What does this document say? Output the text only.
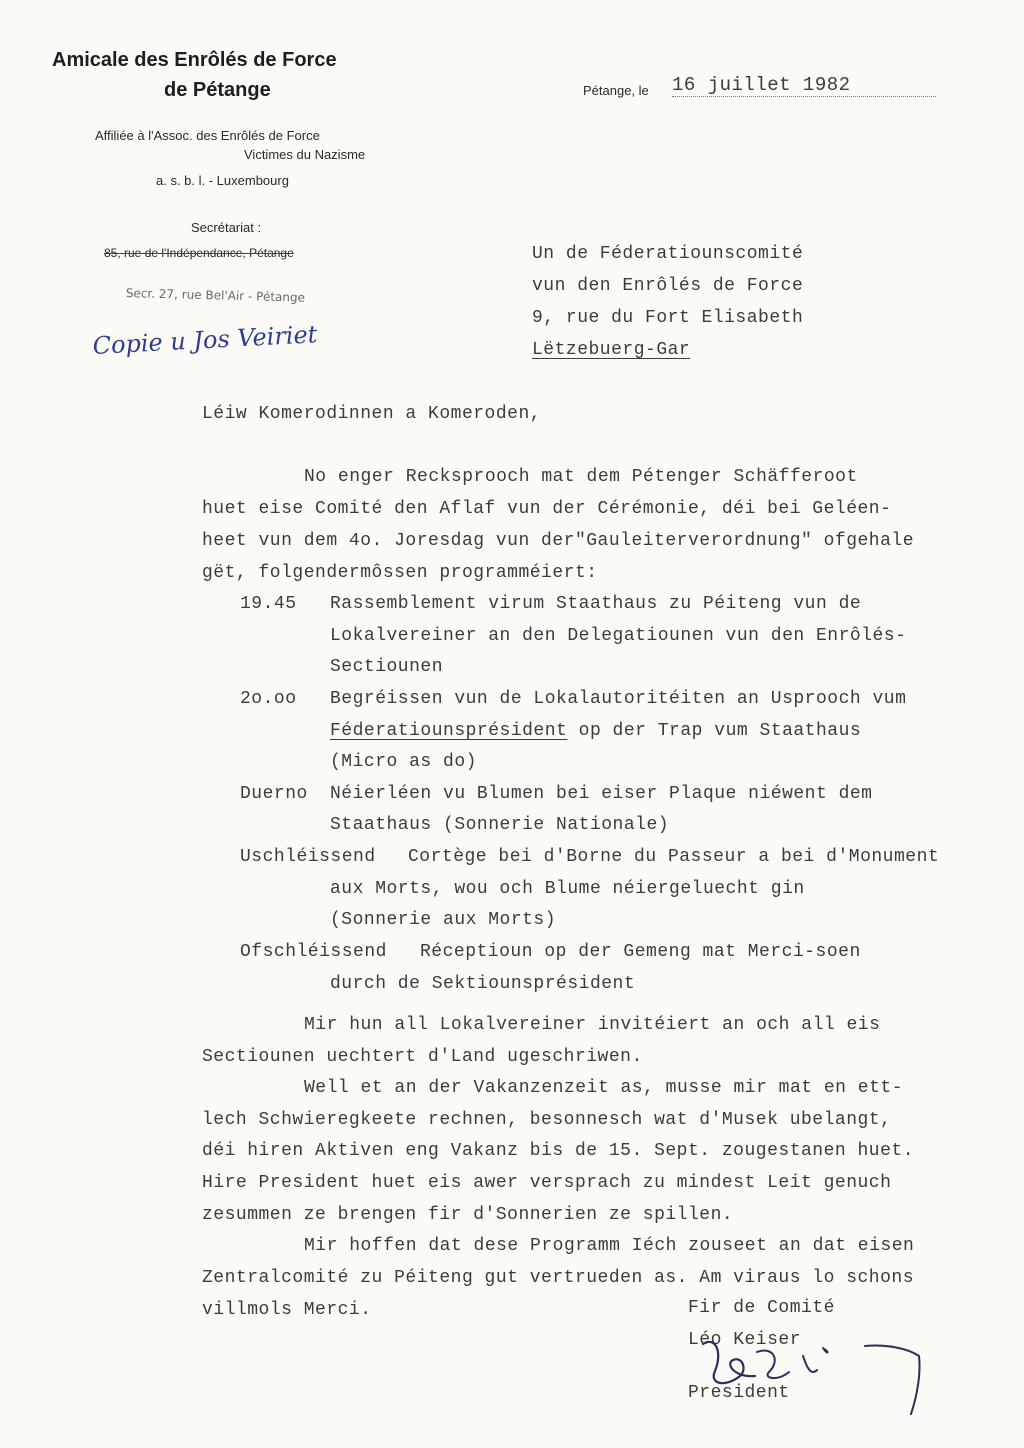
Amicale des Enrôlés de Force
de Pétange
Affiliée à l'Assoc. des Enrôlés de Force
Victimes du Nazisme
a. s. b. l. - Luxembourg
Secrétariat :
85, rue de l'Indépendance, Pétange
Secr. 27, rue Bel'Air - Pétange
Copie u Jos Veiriet
Pétange, le 16 juillet 1982
Un de Féderatiounscomité
vun den Enrôlés de Force
9, rue du Fort Elisabeth
Lëtzebuerg-Gar
Léiw Komerodinnen a Komeroden,
No enger Recksprooch mat dem Pétenger Schäfferoot
huet eise Comité den Aflaf vun der Cérémonie, déi bei Geléen-
heet vun dem 4o. Joresdag vun der"Gauleiterverordnung" ofgehale
gët, folgendermôssen programméiert:
19.45 Rassemblement virum Staathaus zu Péiteng vun de
Lokalvereiner an den Delegatiounen vun den Enrôlés-
Sectiounen
2o.oo Begréissen vun de Lokalautoritéiten an Usprooch vum
Féderatiounsprésident op der Trap vum Staathaus
(Micro as do)
Duerno Néierléen vu Blumen bei eiser Plaque niéwent dem
Staathaus (Sonnerie Nationale)
Uschléissend Cortège bei d'Borne du Passeur a bei d'Monument
aux Morts, wou och Blume néiergeluecht gin
(Sonnerie aux Morts)
Ofschléissend Réceptioun op der Gemeng mat Merci-soen
durch de Sektiounsprésident
Mir hun all Lokalvereiner invitéiert an och all eis
Sectiounen uechtert d'Land ugeschriwen.
Well et an der Vakanzenzeit as, musse mir mat en ett-
lech Schwieregkeete rechnen, besonnesch wat d'Musek ubelangt,
déi hiren Aktiven eng Vakanz bis de 15. Sept. zougestanen huet.
Hire President huet eis awer versprach zu mindest Leit genuch
zesummen ze brengen fir d'Sonnerien ze spillen.
Mir hoffen dat dese Programm Iéch zouseet an dat eisen
Zentralcomité zu Péiteng gut vertrueden as. Am viraus lo schons
villmols Merci.	Fir de Comité
Léo Keiser
President
